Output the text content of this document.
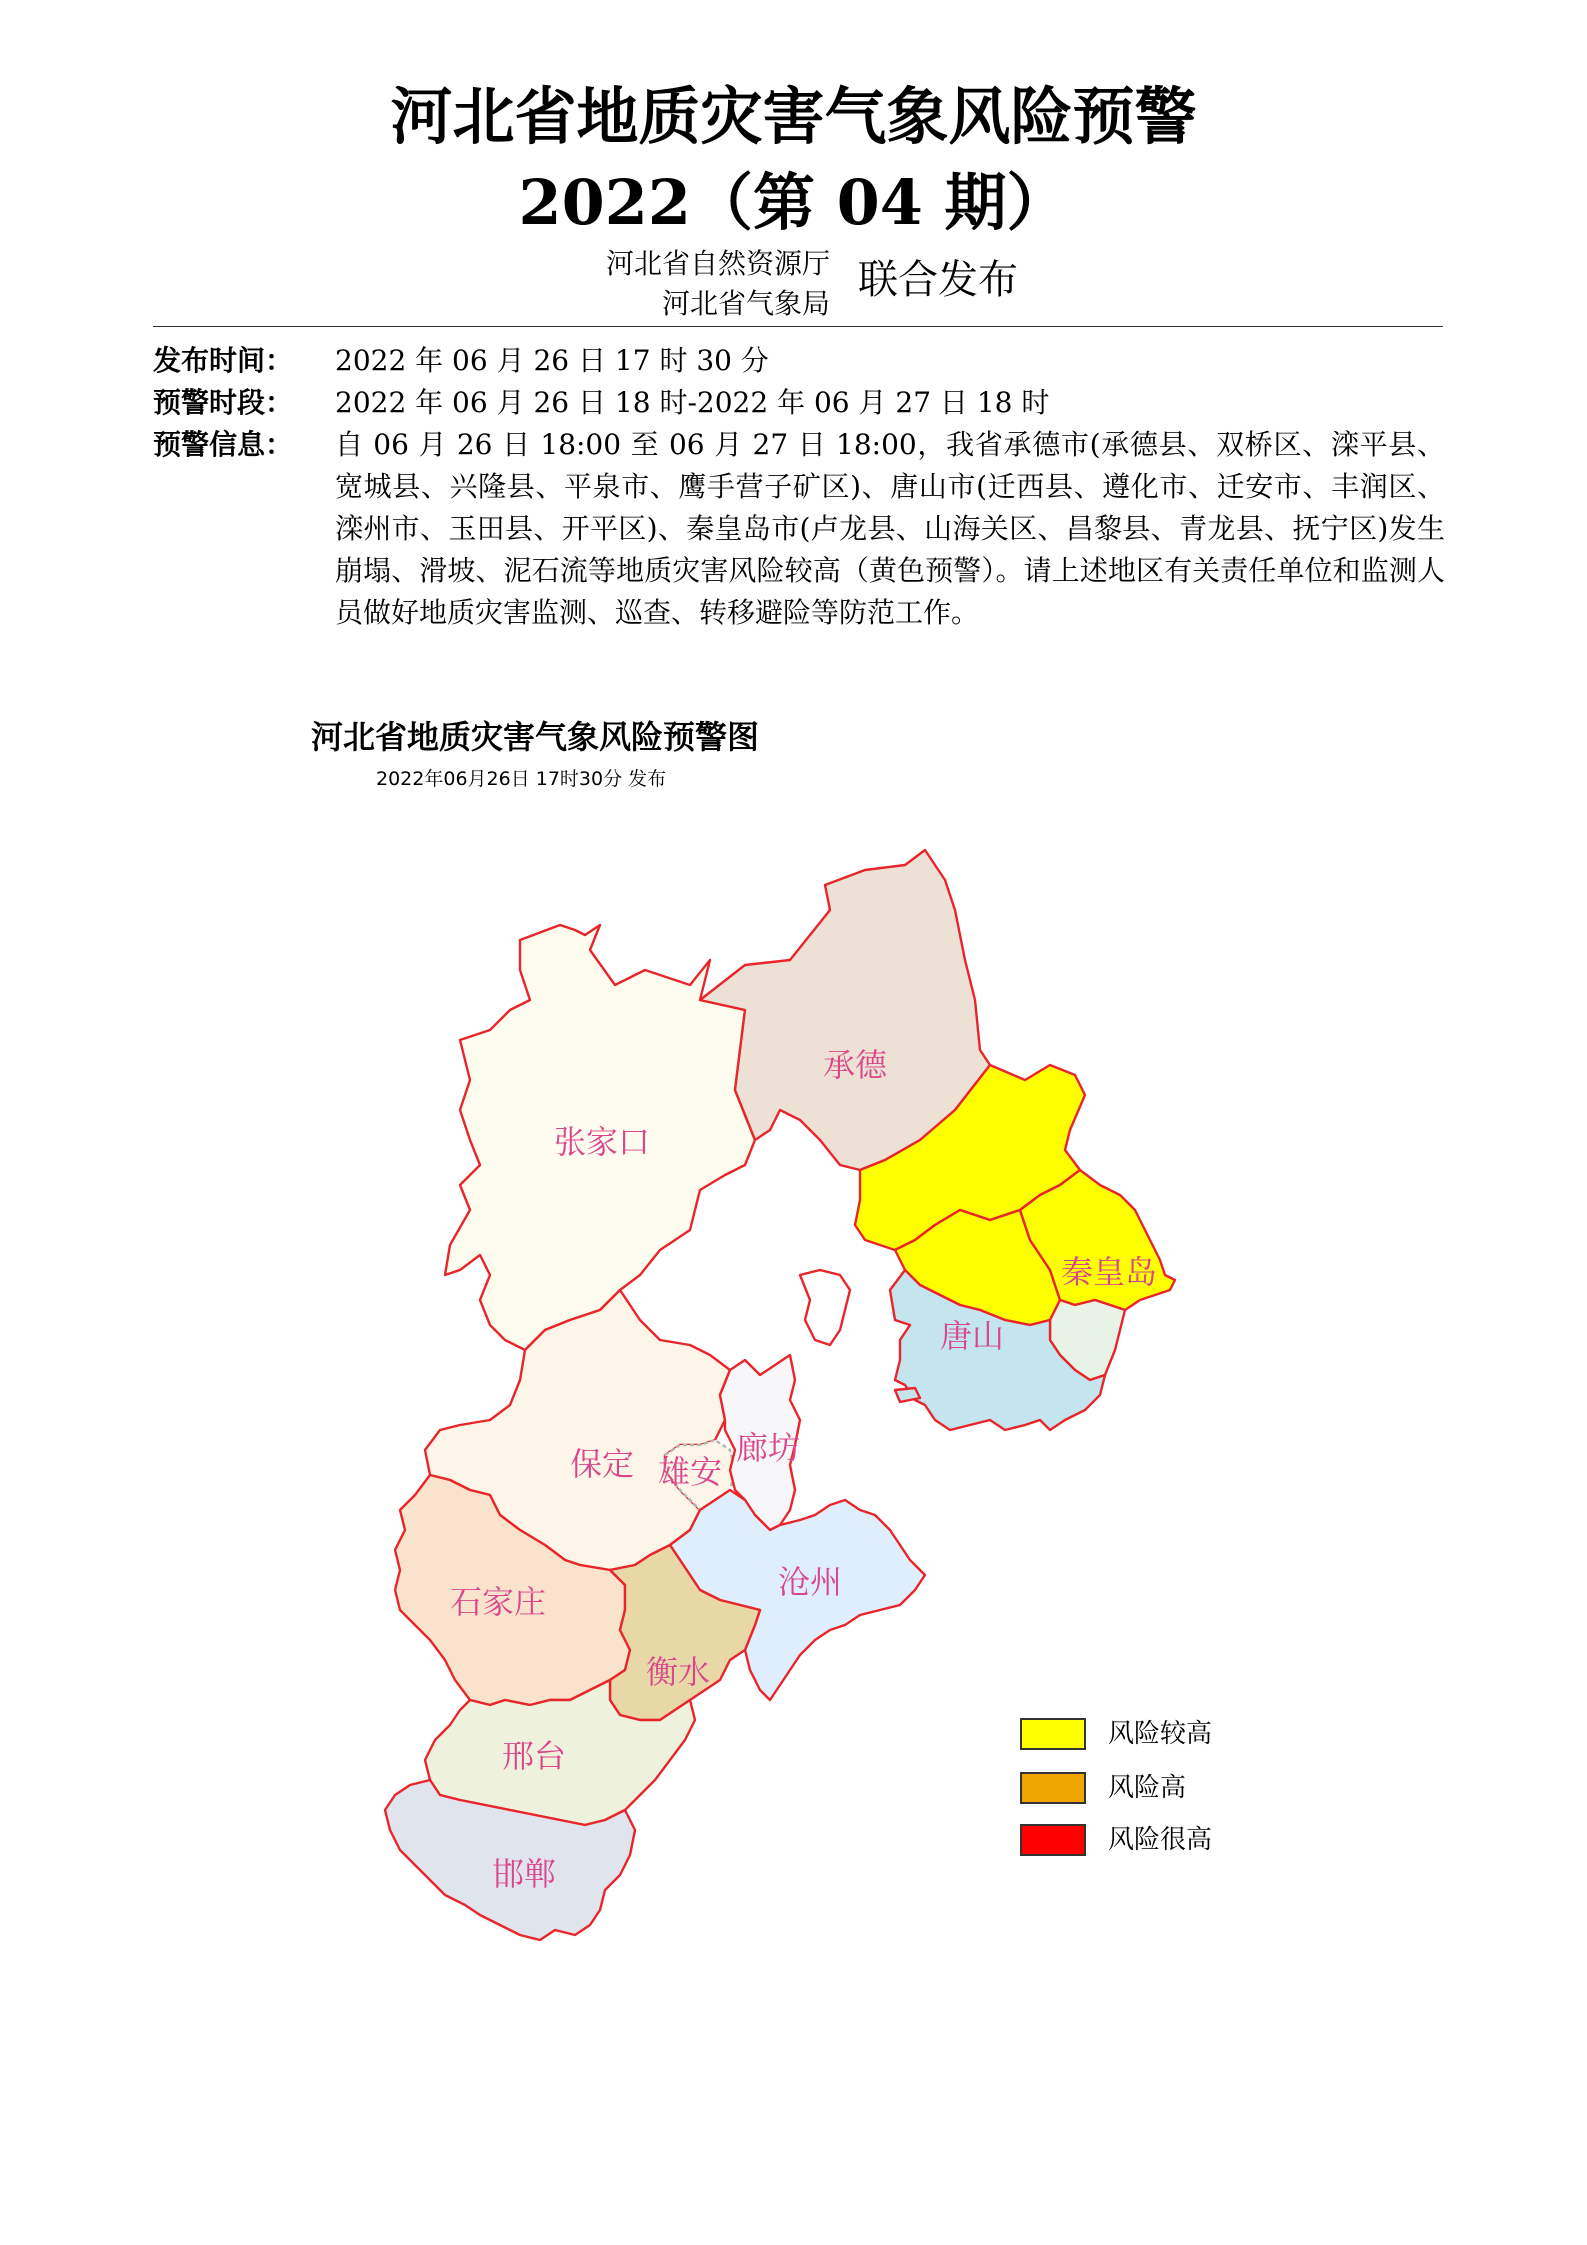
河北省地质灾害气象风险预警
2022（第 04 期）
河北省自然资源厅
河北省气象局
联合发布
发布时间：	2022 年 06 月 26 日 17 时 30 分
预警时段：	2022 年 06 月 26 日 18 时-2022 年 06 月 27 日 18 时
预警信息：	自 06 月 26 日 18:00 至 06 月 27 日 18:00，我省承德市(承德县、双桥区、滦平县、宽城县、兴隆县、平泉市、鹰手营子矿区)、唐山市(迁西县、遵化市、迁安市、丰润区、滦州市、玉田县、开平区)、秦皇岛市(卢龙县、山海关区、昌黎县、青龙县、抚宁区)发生崩塌、滑坡、泥石流等地质灾害风险较高（黄色预警）。请上述地区有关责任单位和监测人员做好地质灾害监测、巡查、转移避险等防范工作。
河北省地质灾害气象风险预警图
2022年06月26日 17时30分 发布
承德
张家口
秦皇岛
唐山
保定 雄安
廊坊
沧州
石家庄
衡水
邢台
邯郸
风险较高
风险高
风险很高
